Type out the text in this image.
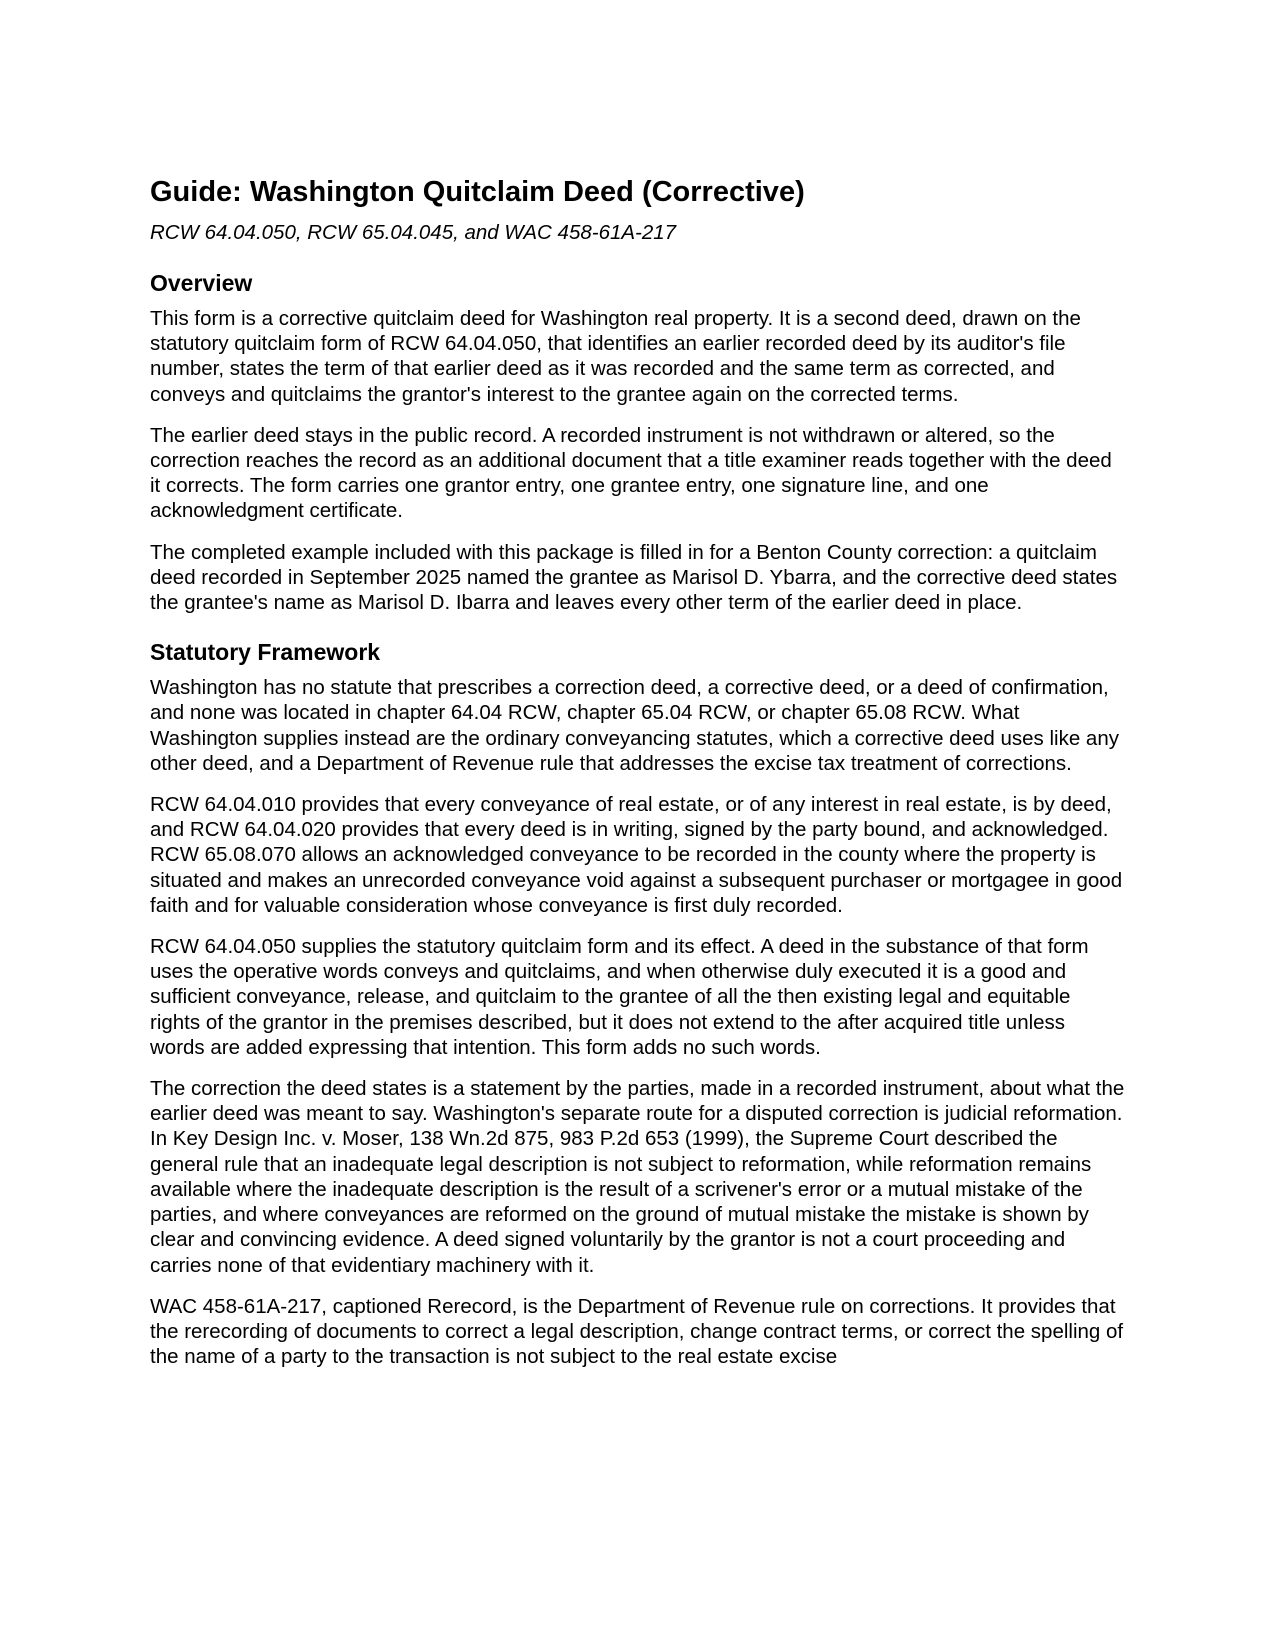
Guide: Washington Quitclaim Deed (Corrective)

RCW 64.04.050, RCW 65.04.045, and WAC 458-61A-217

Overview

This form is a corrective quitclaim deed for Washington real property. It is a second deed, drawn on the statutory quitclaim form of RCW 64.04.050, that identifies an earlier recorded deed by its auditor's file number, states the term of that earlier deed as it was recorded and the same term as corrected, and conveys and quitclaims the grantor's interest to the grantee again on the corrected terms.

The earlier deed stays in the public record. A recorded instrument is not withdrawn or altered, so the correction reaches the record as an additional document that a title examiner reads together with the deed it corrects. The form carries one grantor entry, one grantee entry, one signature line, and one acknowledgment certificate.

The completed example included with this package is filled in for a Benton County correction: a quitclaim deed recorded in September 2025 named the grantee as Marisol D. Ybarra, and the corrective deed states the grantee's name as Marisol D. Ibarra and leaves every other term of the earlier deed in place.

Statutory Framework

Washington has no statute that prescribes a correction deed, a corrective deed, or a deed of confirmation, and none was located in chapter 64.04 RCW, chapter 65.04 RCW, or chapter 65.08 RCW. What Washington supplies instead are the ordinary conveyancing statutes, which a corrective deed uses like any other deed, and a Department of Revenue rule that addresses the excise tax treatment of corrections.

RCW 64.04.010 provides that every conveyance of real estate, or of any interest in real estate, is by deed, and RCW 64.04.020 provides that every deed is in writing, signed by the party bound, and acknowledged. RCW 65.08.070 allows an acknowledged conveyance to be recorded in the county where the property is situated and makes an unrecorded conveyance void against a subsequent purchaser or mortgagee in good faith and for valuable consideration whose conveyance is first duly recorded.

RCW 64.04.050 supplies the statutory quitclaim form and its effect. A deed in the substance of that form uses the operative words conveys and quitclaims, and when otherwise duly executed it is a good and sufficient conveyance, release, and quitclaim to the grantee of all the then existing legal and equitable rights of the grantor in the premises described, but it does not extend to the after acquired title unless words are added expressing that intention. This form adds no such words.

The correction the deed states is a statement by the parties, made in a recorded instrument, about what the earlier deed was meant to say. Washington's separate route for a disputed correction is judicial reformation. In Key Design Inc. v. Moser, 138 Wn.2d 875, 983 P.2d 653 (1999), the Supreme Court described the general rule that an inadequate legal description is not subject to reformation, while reformation remains available where the inadequate description is the result of a scrivener's error or a mutual mistake of the parties, and where conveyances are reformed on the ground of mutual mistake the mistake is shown by clear and convincing evidence. A deed signed voluntarily by the grantor is not a court proceeding and carries none of that evidentiary machinery with it.

WAC 458-61A-217, captioned Rerecord, is the Department of Revenue rule on corrections. It provides that the rerecording of documents to correct a legal description, change contract terms, or correct the spelling of the name of a party to the transaction is not subject to the real estate excise
